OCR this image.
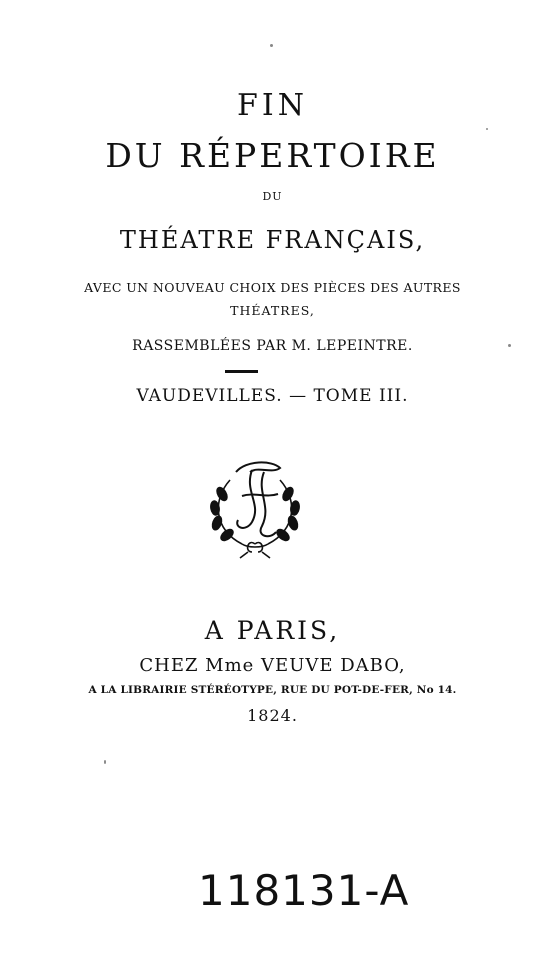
FIN
DU RÉPERTOIRE
DU
THÉATRE FRANÇAIS,
AVEC UN NOUVEAU CHOIX DES PIÈCES DES AUTRES
THÉATRES,
RASSEMBLÉES PAR M. LEPEINTRE.
VAUDEVILLES. — TOME III.
A PARIS,
CHEZ Mme VEUVE DABO,
A LA LIBRAIRIE STÉRÉOTYPE, RUE DU POT-DE-FER, No 14.
1824.
118131-A
